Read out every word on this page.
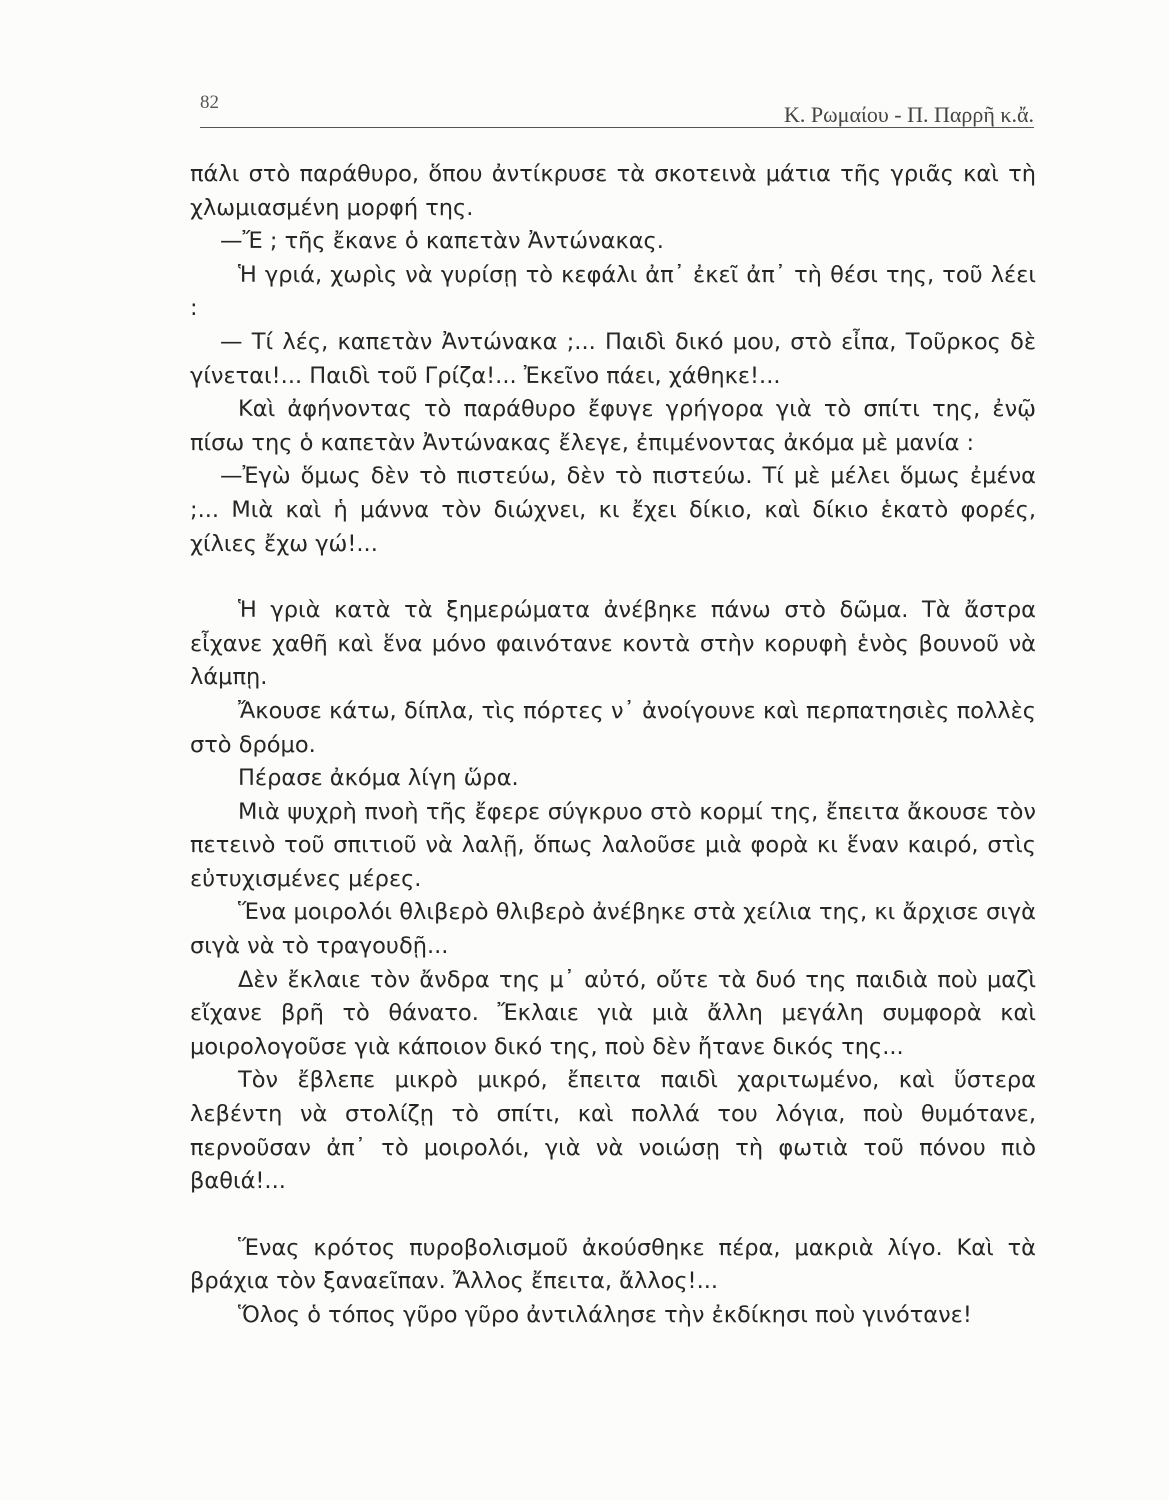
82	Κ. Ρωμαίου - Π. Παρρῆ κ.ἄ.

πάλι στὸ παράθυρο, ὅπου ἀντίκρυσε τὰ σκοτεινὰ μάτια τῆς γριᾶς καὶ τὴ χλωμιασμένη μορφή της.

—Ἔ ; τῆς ἔκανε ὁ καπετὰν Ἀντώνακας.

Ἡ γριά, χωρὶς νὰ γυρίσῃ τὸ κεφάλι ἀπ᾿ ἐκεῖ ἀπ᾿ τὴ θέσι της, τοῦ λέει :

— Τί λές, καπετὰν Ἀντώνακα ;... Παιδὶ δικό μου, στὸ εἶπα, Τοῦρκος δὲ γίνεται!... Παιδὶ τοῦ Γρίζα!... Ἐκεῖνο πάει, χάθηκε!...

Καὶ ἀφήνοντας τὸ παράθυρο ἔφυγε γρήγορα γιὰ τὸ σπίτι της, ἐνῷ πίσω της ὁ καπετὰν Ἀντώνακας ἔλεγε, ἐπιμένοντας ἀκόμα μὲ μανία :

—Ἐγὼ ὅμως δὲν τὸ πιστεύω, δὲν τὸ πιστεύω. Τί μὲ μέλει ὅμως ἐμένα ;... Μιὰ καὶ ἡ μάννα τὸν διώχνει, κι ἔχει δίκιο, καὶ δίκιο ἑκατὸ φορές, χίλιες ἔχω γώ!...

Ἡ γριὰ κατὰ τὰ ξημερώματα ἀνέβηκε πάνω στὸ δῶμα. Τὰ ἄστρα εἶχανε χαθῆ καὶ ἕνα μόνο φαινότανε κοντὰ στὴν κορυφὴ ἑνὸς βουνοῦ νὰ λάμπῃ.

Ἄκουσε κάτω, δίπλα, τὶς πόρτες ν᾿ ἀνοίγουνε καὶ περπατησιὲς πολλὲς στὸ δρόμο.

Πέρασε ἀκόμα λίγη ὥρα.

Μιὰ ψυχρὴ πνοὴ τῆς ἔφερε σύγκρυο στὸ κορμί της, ἔπειτα ἄκουσε τὸν πετεινὸ τοῦ σπιτιοῦ νὰ λαλῇ, ὅπως λαλοῦσε μιὰ φορὰ κι ἕναν καιρό, στὶς εὐτυχισμένες μέρες.

Ἕνα μοιρολόι θλιβερὸ θλιβερὸ ἀνέβηκε στὰ χείλια της, κι ἄρχισε σιγὰ σιγὰ νὰ τὸ τραγουδῇ...

Δὲν ἔκλαιε τὸν ἄνδρα της μ᾿ αὐτό, οὔτε τὰ δυό της παιδιὰ ποὺ μαζὶ εἴχανε βρῆ τὸ θάνατο. Ἔκλαιε γιὰ μιὰ ἄλλη μεγάλη συμφορὰ καὶ μοιρολογοῦσε γιὰ κάποιον δικό της, ποὺ δὲν ἤτανε δικός της...

Τὸν ἔβλεπε μικρὸ μικρό, ἔπειτα παιδὶ χαριτωμένο, καὶ ὕστερα λεβέντη νὰ στολίζῃ τὸ σπίτι, καὶ πολλά του λόγια, ποὺ θυμότανε, περνοῦσαν ἀπ᾿ τὸ μοιρολόι, γιὰ νὰ νοιώσῃ τὴ φωτιὰ τοῦ πόνου πιὸ βαθιά!...

Ἕνας κρότος πυροβολισμοῦ ἀκούσθηκε πέρα, μακριὰ λίγο. Καὶ τὰ βράχια τὸν ξαναεῖπαν. Ἄλλος ἔπειτα, ἄλλος!...

Ὅλος ὁ τόπος γῦρο γῦρο ἀντιλάλησε τὴν ἐκδίκησι ποὺ γινότανε!
